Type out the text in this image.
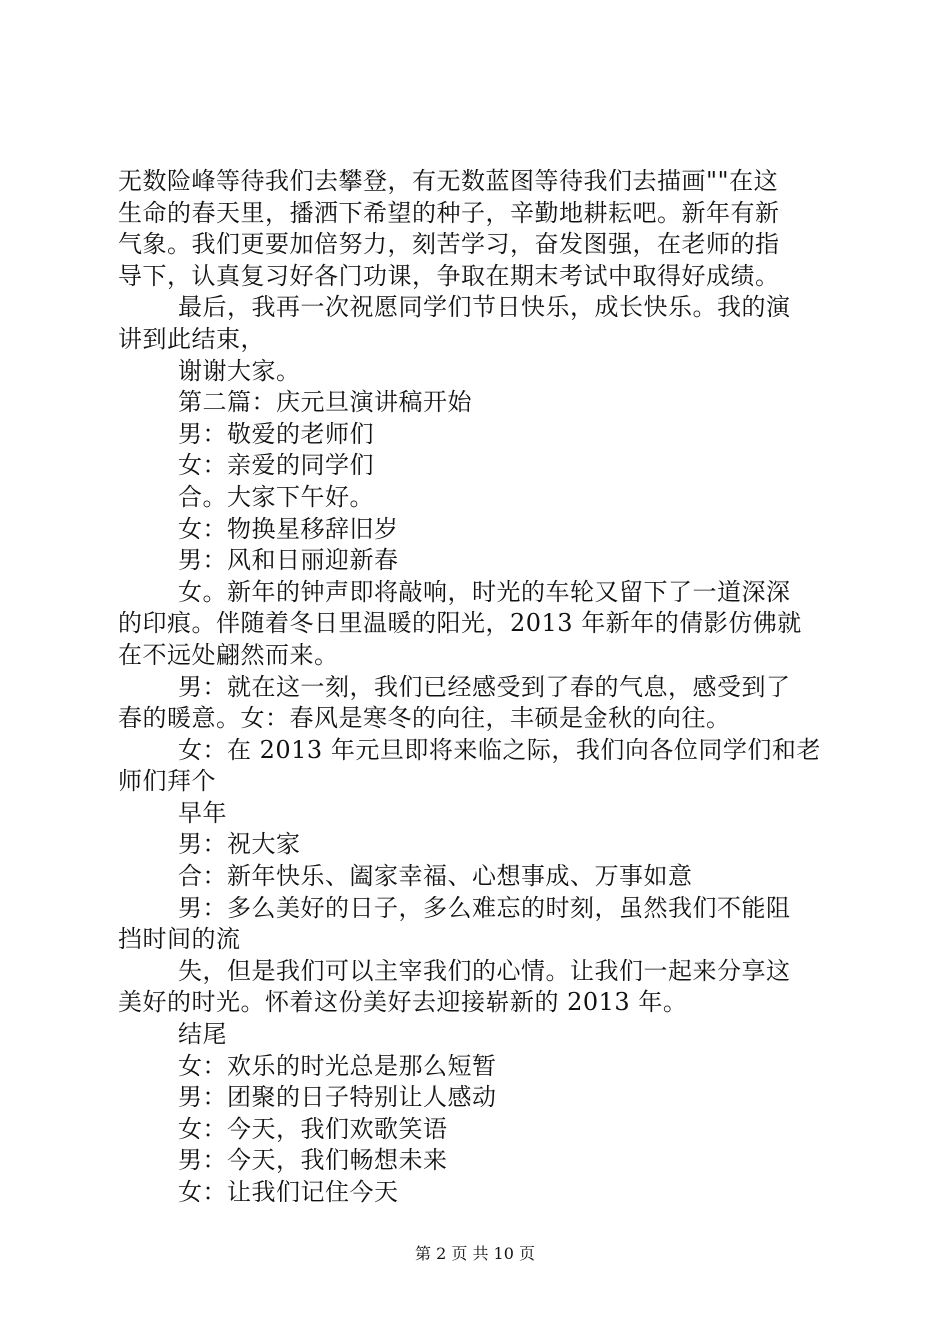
无数险峰等待我们去攀登，有无数蓝图等待我们去描画""在这
生命的春天里，播洒下希望的种子，辛勤地耕耘吧。新年有新
气象。我们更要加倍努力，刻苦学习，奋发图强，在老师的指
导下，认真复习好各门功课，争取在期末考试中取得好成绩。
最后，我再一次祝愿同学们节日快乐，成长快乐。我的演
讲到此结束，
谢谢大家。
第二篇：庆元旦演讲稿开始
男：敬爱的老师们
女：亲爱的同学们
合。大家下午好。
女：物换星移辞旧岁
男：风和日丽迎新春
女。新年的钟声即将敲响，时光的车轮又留下了一道深深
的印痕。伴随着冬日里温暖的阳光，2013 年新年的倩影仿佛就
在不远处翩然而来。
男：就在这一刻，我们已经感受到了春的气息，感受到了
春的暖意。女：春风是寒冬的向往，丰硕是金秋的向往。
女：在 2013 年元旦即将来临之际，我们向各位同学们和老
师们拜个
早年
男：祝大家
合：新年快乐、阖家幸福、心想事成、万事如意
男：多么美好的日子，多么难忘的时刻，虽然我们不能阻
挡时间的流
失，但是我们可以主宰我们的心情。让我们一起来分享这
美好的时光。怀着这份美好去迎接崭新的 2013 年。
结尾
女：欢乐的时光总是那么短暂
男：团聚的日子特别让人感动
女：今天，我们欢歌笑语
男：今天，我们畅想未来
女：让我们记住今天
第 2 页 共 10 页
